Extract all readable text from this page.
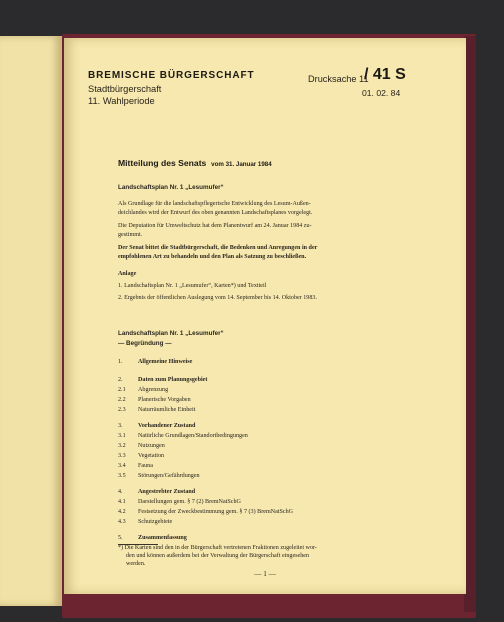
BREMISCHE BÜRGERSCHAFT
Stadtbürgerschaft
11. Wahlperiode
Drucksache 11
/ 41 S
01. 02. 84
Mitteilung des Senats vom 31. Januar 1984
Landschaftsplan Nr. 1 „Lesumufer“
Als Grundlage für die landschaftspflegerische Entwicklung des Lesum-Außen-
deichlandes wird der Entwurf des oben genannten Landschaftsplanes vorgelegt.
Die Deputation für Umweltschutz hat dem Planentwurf am 24. Januar 1984 zu-
gestimmt.
Der Senat bittet die Stadtbürgerschaft, die Bedenken und Anregungen in der
empfohlenen Art zu behandeln und den Plan als Satzung zu beschließen.
Anlage
1. Landschaftsplan Nr. 1 „Lesumufer“, Karten*) und Textteil
2. Ergebnis der öffentlichen Auslegung vom 14. September bis 14. Oktober 1983.
Landschaftsplan Nr. 1 „Lesumufer“
— Begründung —
1.	Allgemeine Hinweise
2.	Daten zum Planungsgebiet
2.1 Abgrenzung
2.2 Planerische Vorgaben
2.3 Naturräumliche Einheit
3.	Vorhandener Zustand
3.1 Natürliche Grundlagen/Standortbedingungen
3.2 Nutzungen
3.3 Vegetation
3.4 Fauna
3.5 Störungen/Gefährdungen
4.	Angestrebter Zustand
4.1 Darstellungen gem. § 7 (2) BremNatSchG
4.2 Festsetzung der Zweckbestimmung gem. § 7 (3) BremNatSchG
4.3 Schutzgebiete
5.	Zusammenfassung
*) Die Karten sind den in der Bürgerschaft vertretenen Fraktionen zugeleitet wor-
den und können außerdem bei der Verwaltung der Bürgerschaft eingesehen
werden.
— 1 —
